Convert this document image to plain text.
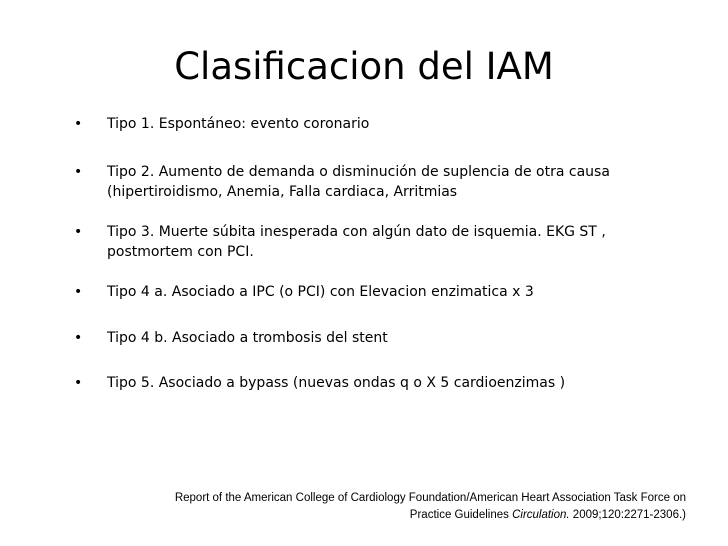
Clasificacion del IAM
•	Tipo 1. Espontáneo: evento coronario
•	Tipo 2. Aumento de demanda o disminución de suplencia de otra causa (hipertiroidismo, Anemia, Falla cardiaca, Arritmias
•	Tipo 3. Muerte súbita inesperada con algún dato de isquemia. EKG ST , postmortem con PCI.
•	Tipo 4 a. Asociado a IPC (o PCI) con Elevacion enzimatica x 3
•	Tipo 4 b. Asociado a trombosis del stent
•	Tipo 5. Asociado a bypass (nuevas ondas q o X 5 cardioenzimas )
Report of the American College of Cardiology Foundation/American Heart Association Task Force on
Practice Guidelines Circulation. 2009;120:2271-2306.)
